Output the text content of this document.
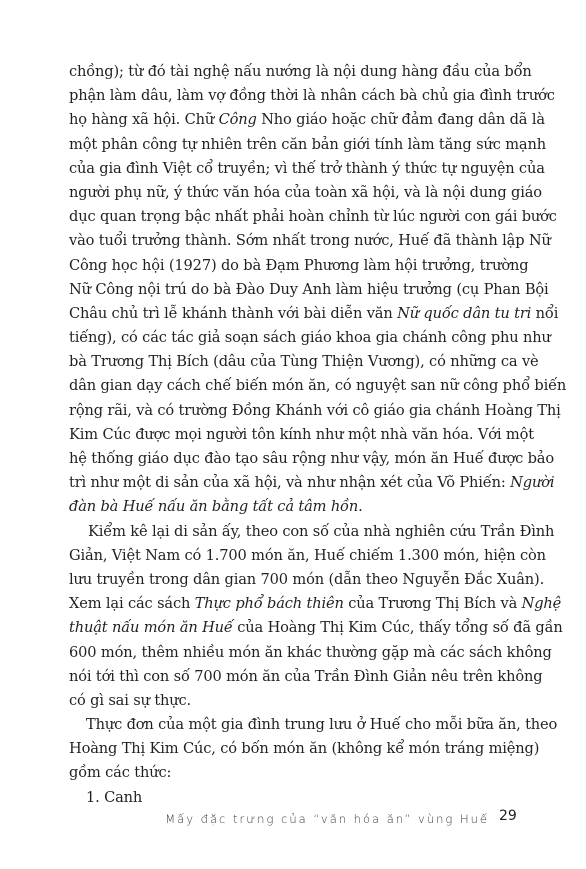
chồng); từ đó tài nghệ nấu nướng là nội dung hàng đầu của bổn
phận làm dâu, làm vợ đồng thời là nhân cách bà chủ gia đình trước
họ hàng xã hội. Chữ Công Nho giáo hoặc chữ đảm đang dân dã là
một phân công tự nhiên trên căn bản giới tính làm tăng sức mạnh
của gia đình Việt cổ truyền; vì thế trở thành ý thức tự nguyện của
người phụ nữ, ý thức văn hóa của toàn xã hội, và là nội dung giáo
dục quan trọng bậc nhất phải hoàn chỉnh từ lúc người con gái bước
vào tuổi trưởng thành. Sớm nhất trong nước, Huế đã thành lập Nữ
Công học hội (1927) do bà Đạm Phương làm hội trưởng, trường
Nữ Công nội trú do bà Đào Duy Anh làm hiệu trưởng (cụ Phan Bội
Châu chủ trì lễ khánh thành với bài diễn văn Nữ quốc dân tu tri nổi
tiếng), có các tác giả soạn sách giáo khoa gia chánh công phu như
bà Trương Thị Bích (dâu của Tùng Thiện Vương), có những ca vè
dân gian dạy cách chế biến món ăn, có nguyệt san nữ công phổ biến
rộng rãi, và có trường Đồng Khánh với cô giáo gia chánh Hoàng Thị
Kim Cúc được mọi người tôn kính như một nhà văn hóa. Với một
hệ thống giáo dục đào tạo sâu rộng như vậy, món ăn Huế được bảo
trì như một di sản của xã hội, và như nhận xét của Võ Phiến: Người
đàn bà Huế nấu ăn bằng tất cả tâm hồn.
Kiểm kê lại di sản ấy, theo con số của nhà nghiên cứu Trần Đình
Giản, Việt Nam có 1.700 món ăn, Huế chiếm 1.300 món, hiện còn
lưu truyền trong dân gian 700 món (dẫn theo Nguyễn Đắc Xuân).
Xem lại các sách Thực phổ bách thiên của Trương Thị Bích và Nghệ
thuật nấu món ăn Huế của Hoàng Thị Kim Cúc, thấy tổng số đã gần
600 món, thêm nhiều món ăn khác thường gặp mà các sách không
nói tới thì con số 700 món ăn của Trần Đình Giản nêu trên không
có gì sai sự thực.
Thực đơn của một gia đình trung lưu ở Huế cho mỗi bữa ăn, theo
Hoàng Thị Kim Cúc, có bốn món ăn (không kể món tráng miệng)
gồm các thức:
1. Canh
Mấy đặc trưng của “văn hóa ăn” vùng Huế 29
